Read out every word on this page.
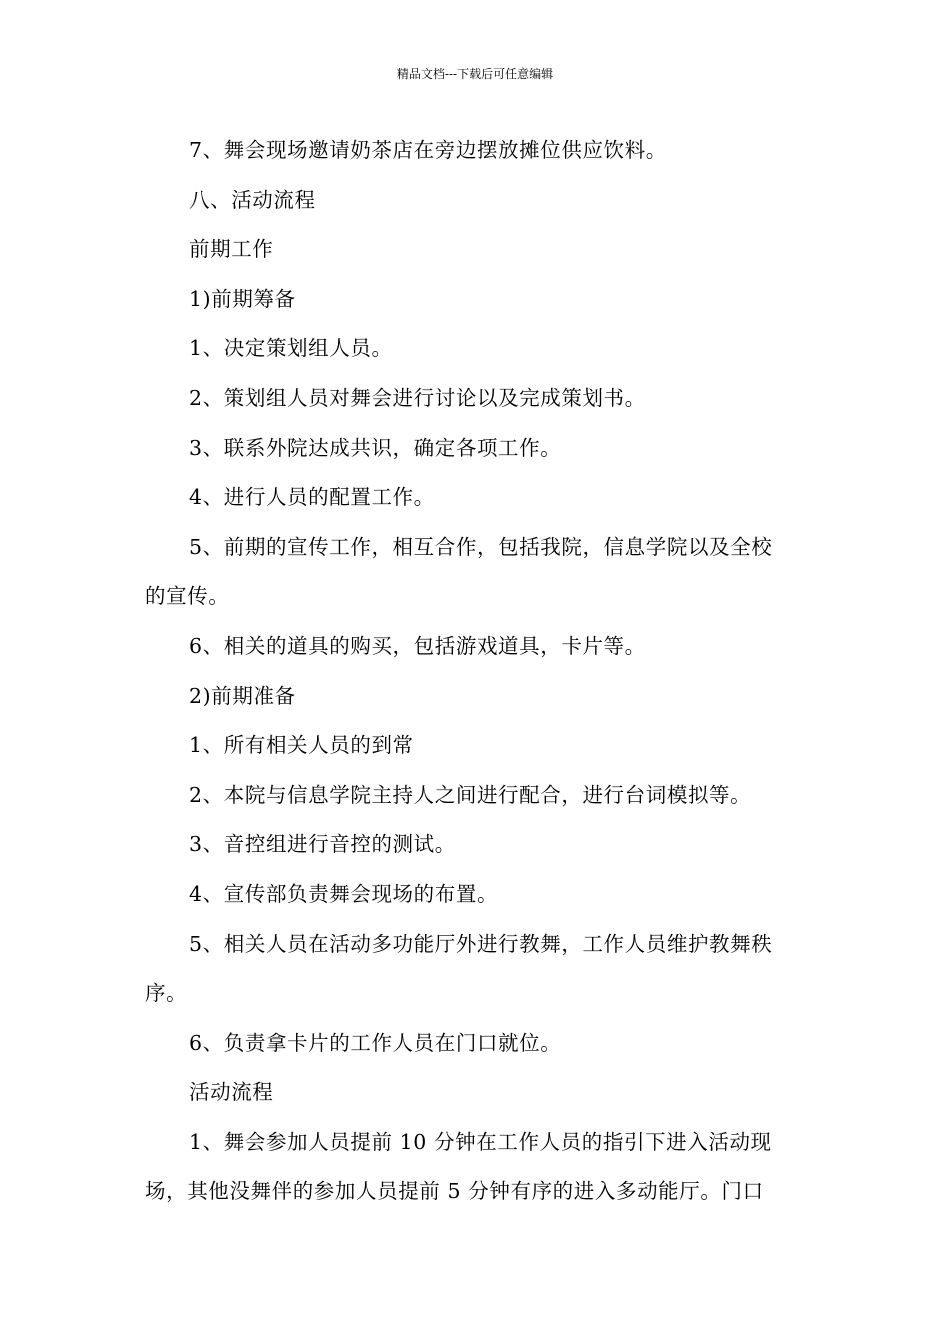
精品文档---下载后可任意编辑
7、舞会现场邀请奶茶店在旁边摆放摊位供应饮料。
八、活动流程
前期工作
1)前期筹备
1、决定策划组人员。
2、策划组人员对舞会进行讨论以及完成策划书。
3、联系外院达成共识，确定各项工作。
4、进行人员的配置工作。
5、前期的宣传工作，相互合作，包括我院，信息学院以及全校
的宣传。
6、相关的道具的购买，包括游戏道具，卡片等。
2)前期准备
1、所有相关人员的到常
2、本院与信息学院主持人之间进行配合，进行台词模拟等。
3、音控组进行音控的测试。
4、宣传部负责舞会现场的布置。
5、相关人员在活动多功能厅外进行教舞，工作人员维护教舞秩
序。
6、负责拿卡片的工作人员在门口就位。
活动流程
1、舞会参加人员提前 10 分钟在工作人员的指引下进入活动现
场，其他没舞伴的参加人员提前 5 分钟有序的进入多动能厅。门口
